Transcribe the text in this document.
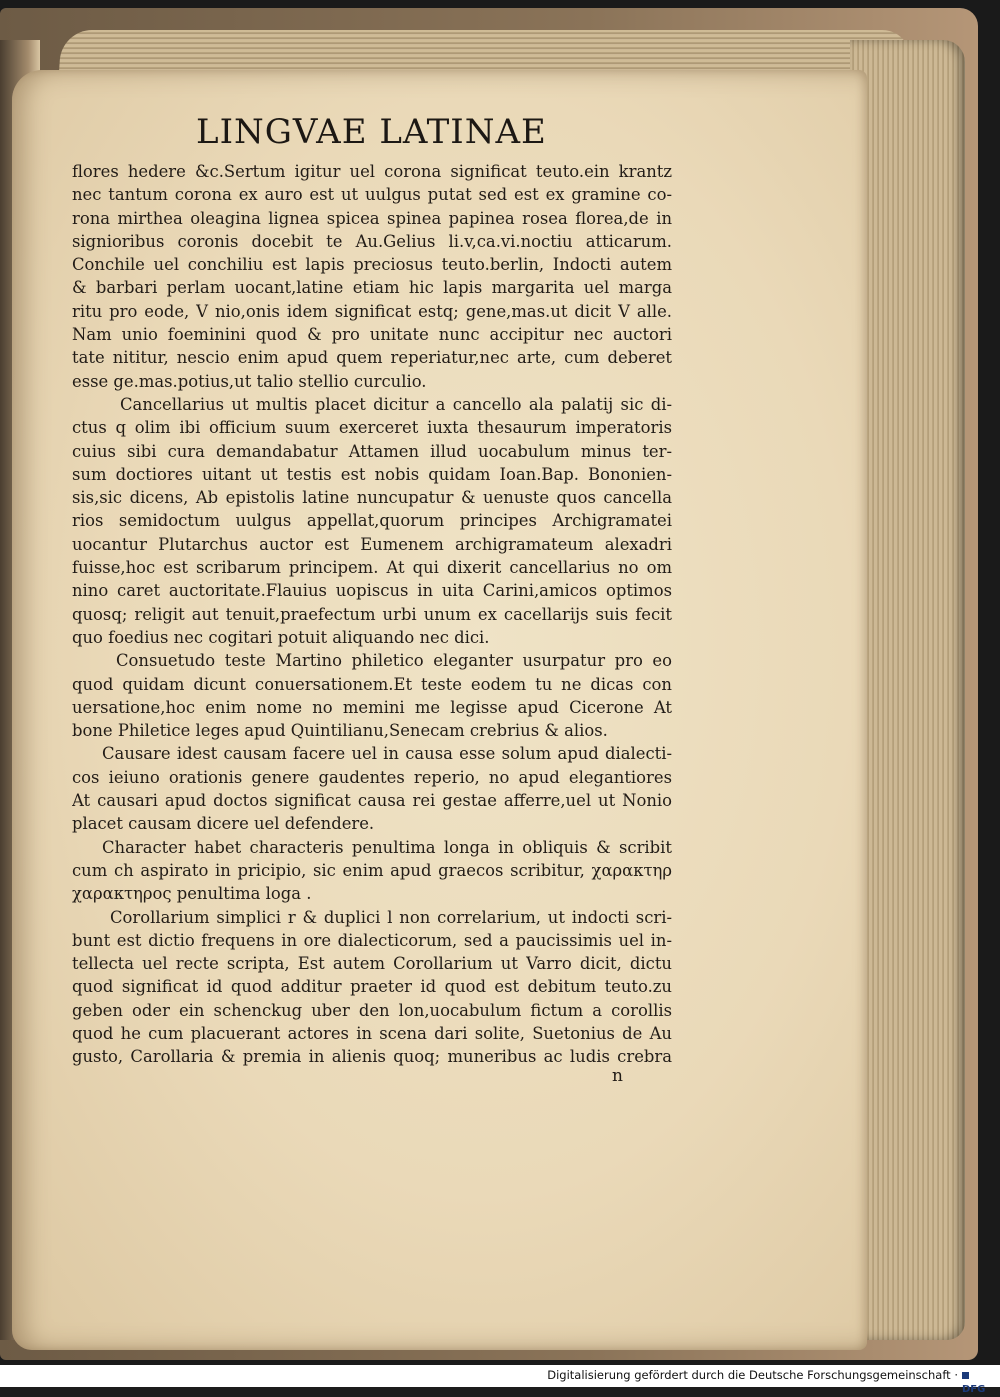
LINGVAE LATINAE
flores hedere &c.Sertum igitur uel corona significat teuto.ein krantz
nec tantum corona ex auro est ut uulgus putat sed est ex gramine co-
rona mirthea oleagina lignea spicea spinea papinea rosea florea,de in
signioribus coronis docebit te Au.Gelius li.v,ca.vi.noctiu atticarum.
Conchile uel conchiliu est lapis preciosus teuto.berlin, Indocti autem
& barbari perlam uocant,latine etiam hic lapis margarita uel marga
ritu pro eode, V nio,onis idem significat estq; gene,mas.ut dicit V alle.
Nam unio foeminini quod & pro unitate nunc accipitur nec auctori
tate nititur, nescio enim apud quem reperiatur,nec arte, cum deberet
esse ge.mas.potius,ut talio stellio curculio.
Cancellarius ut multis placet dicitur a cancello ala palatij sic di-
ctus q olim ibi officium suum exerceret iuxta thesaurum imperatoris
cuius sibi cura demandabatur Attamen illud uocabulum minus ter-
sum doctiores uitant ut testis est nobis quidam Ioan.Bap. Bononien-
sis,sic dicens, Ab epistolis latine nuncupatur & uenuste quos cancella
rios semidoctum uulgus appellat,quorum principes Archigramatei
uocantur Plutarchus auctor est Eumenem archigramateum alexadri
fuisse,hoc est scribarum principem. At qui dixerit cancellarius no om
nino caret auctoritate.Flauius uopiscus in uita Carini,amicos optimos
quosq; religit aut tenuit,praefectum urbi unum ex cacellarijs suis fecit
quo foedius nec cogitari potuit aliquando nec dici.
Consuetudo teste Martino philetico eleganter usurpatur pro eo
quod quidam dicunt conuersationem.Et teste eodem tu ne dicas con
uersatione,hoc enim nome no memini me legisse apud Cicerone At
bone Philetice leges apud Quintilianu,Senecam crebrius & alios.
Causare idest causam facere uel in causa esse solum apud dialecti-
cos ieiuno orationis genere gaudentes reperio, no apud elegantiores
At causari apud doctos significat causa rei gestae afferre,uel ut Nonio
placet causam dicere uel defendere.
Character habet characteris penultima longa in obliquis & scribit
cum ch aspirato in pricipio, sic enim apud graecos scribitur, χαρακτηρ
χαρακτηρος penultima loga .
Corollarium simplici r & duplici l non correlarium, ut indocti scri-
bunt est dictio frequens in ore dialecticorum, sed a paucissimis uel in-
tellecta uel recte scripta, Est autem Corollarium ut Varro dicit, dictu
quod significat id quod additur praeter id quod est debitum teuto.zu
geben oder ein schenckug uber den lon,uocabulum fictum a corollis
quod he cum placuerant actores in scena dari solite, Suetonius de Au
gusto, Carollaria & premia in alienis quoq; muneribus ac ludis crebra
n
Digitalisierung gefördert durch die Deutsche Forschungsgemeinschaft ·
DFG
